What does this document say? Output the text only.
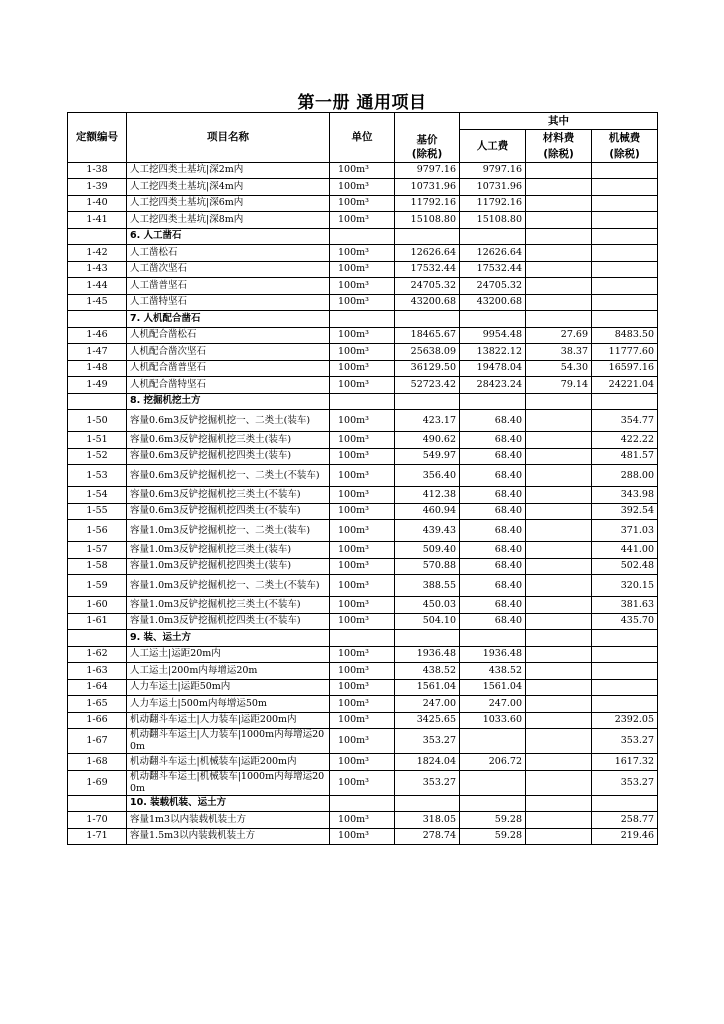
第一册 通用项目
定额编号	项目名称	单位	基价	其中		
				人工费	材料费	机械费
			(除税)		(除税)	(除税)
1-38	人工挖四类土基坑|深2m内	100m³	9797.16	9797.16		
1-39	人工挖四类土基坑|深4m内	100m³	10731.96	10731.96		
1-40	人工挖四类土基坑|深6m内	100m³	11792.16	11792.16		
1-41	人工挖四类土基坑|深8m内	100m³	15108.80	15108.80		
	6. 人工凿石					
1-42	人工凿松石	100m³	12626.64	12626.64		
1-43	人工凿次坚石	100m³	17532.44	17532.44		
1-44	人工凿普坚石	100m³	24705.32	24705.32		
1-45	人工凿特坚石	100m³	43200.68	43200.68		
	7. 人机配合凿石					
1-46	人机配合凿松石	100m³	18465.67	9954.48	27.69	8483.50
1-47	人机配合凿次坚石	100m³	25638.09	13822.12	38.37	11777.60
1-48	人机配合凿普坚石	100m³	36129.50	19478.04	54.30	16597.16
1-49	人机配合凿特坚石	100m³	52723.42	28423.24	79.14	24221.04
	8. 挖掘机挖土方					
1-50	容量0.6m3反铲挖掘机挖一、二类土(装车)	100m³	423.17	68.40		354.77
1-51	容量0.6m3反铲挖掘机挖三类土(装车)	100m³	490.62	68.40		422.22
1-52	容量0.6m3反铲挖掘机挖四类土(装车)	100m³	549.97	68.40		481.57
1-53	容量0.6m3反铲挖掘机挖一、二类土(不装车)	100m³	356.40	68.40		288.00
1-54	容量0.6m3反铲挖掘机挖三类土(不装车)	100m³	412.38	68.40		343.98
1-55	容量0.6m3反铲挖掘机挖四类土(不装车)	100m³	460.94	68.40		392.54
1-56	容量1.0m3反铲挖掘机挖一、二类土(装车)	100m³	439.43	68.40		371.03
1-57	容量1.0m3反铲挖掘机挖三类土(装车)	100m³	509.40	68.40		441.00
1-58	容量1.0m3反铲挖掘机挖四类土(装车)	100m³	570.88	68.40		502.48
1-59	容量1.0m3反铲挖掘机挖一、二类土(不装车)	100m³	388.55	68.40		320.15
1-60	容量1.0m3反铲挖掘机挖三类土(不装车)	100m³	450.03	68.40		381.63
1-61	容量1.0m3反铲挖掘机挖四类土(不装车)	100m³	504.10	68.40		435.70
	9. 装、运土方					
1-62	人工运土|运距20m内	100m³	1936.48	1936.48		
1-63	人工运土|200m内每增运20m	100m³	438.52	438.52		
1-64	人力车运土|运距50m内	100m³	1561.04	1561.04		
1-65	人力车运土|500m内每增运50m	100m³	247.00	247.00		
1-66	机动翻斗车运土|人力装车|运距200m内	100m³	3425.65	1033.60		2392.05
1-67	机动翻斗车运土|人力装车|1000m内每增运200m	100m³	353.27			353.27
1-68	机动翻斗车运土|机械装车|运距200m内	100m³	1824.04	206.72		1617.32
1-69	机动翻斗车运土|机械装车|1000m内每增运200m	100m³	353.27			353.27
	10. 装载机装、运土方					
1-70	容量1m3以内装载机装土方	100m³	318.05	59.28		258.77
1-71	容量1.5m3以内装载机装土方	100m³	278.74	59.28		219.46
